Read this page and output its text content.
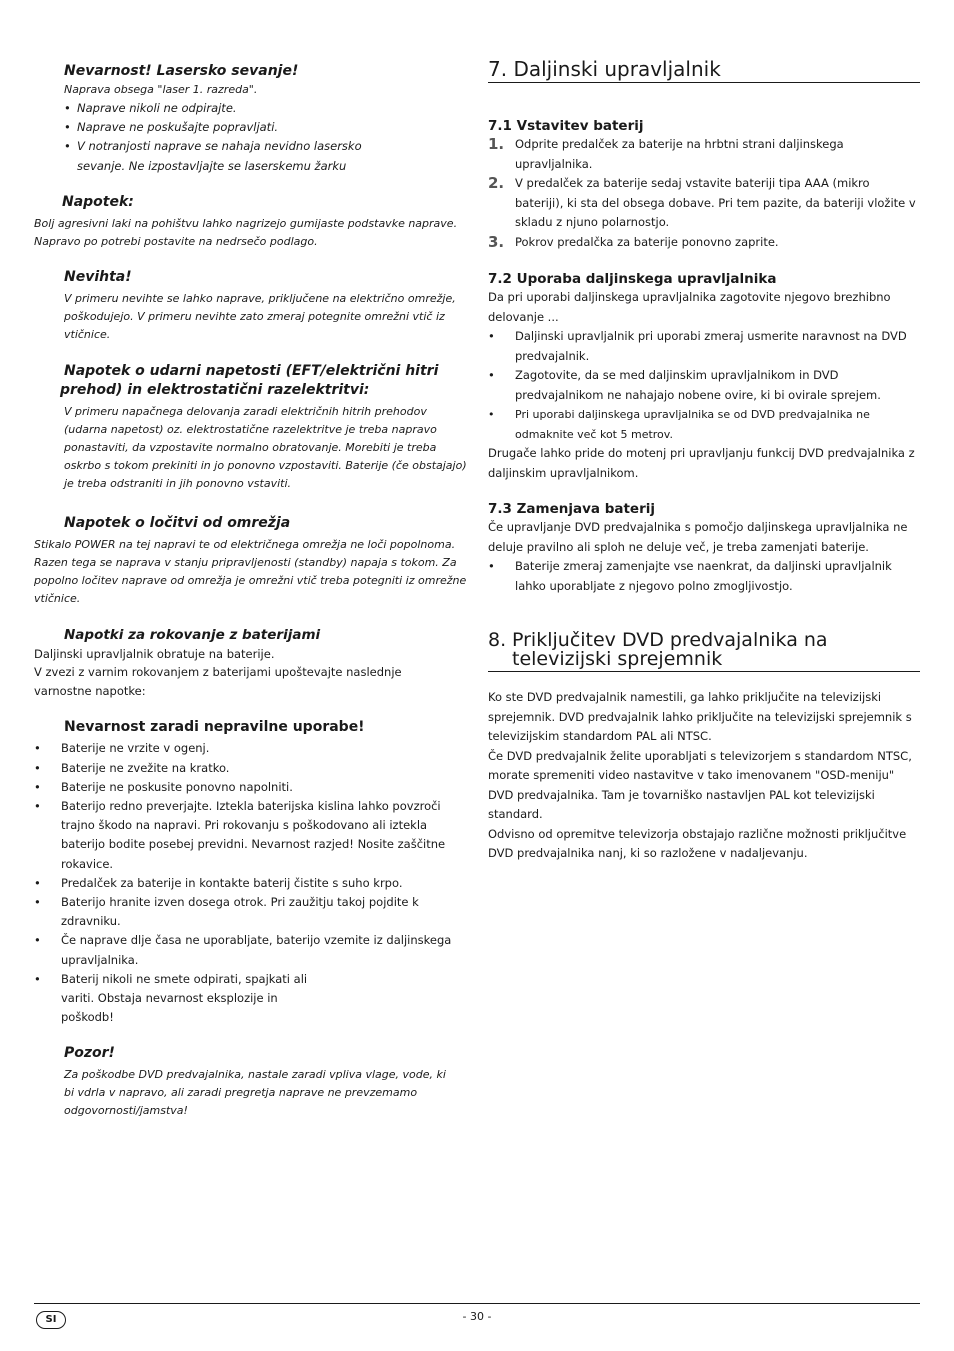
Nevarnost! Lasersko sevanje!

Naprava obsega "laser 1. razreda".

• Naprave nikoli ne odpirajte.
• Naprave ne poskušajte popravljati.
• V notranjosti naprave se nahaja nevidno lasersko sevanje. Ne izpostavljajte se laserskemu žarku

Napotek:

Bolj agresivni laki na pohištvu lahko nagrizejo gumijaste podstavke naprave. Napravo po potrebi postavite na nedrsečo podlago.

Nevihta!

V primeru nevihte se lahko naprave, priključene na električno omrežje, poškodujejo. V primeru nevihte zato zmeraj potegnite omrežni vtič iz vtičnice.

Napotek o udarni napetosti (EFT/električni hitri prehod) in elektrostatični razelektritvi:

V primeru napačnega delovanja zaradi električnih hitrih prehodov (udarna napetost) oz. elektrostatične razelektritve je treba napravo ponastaviti, da vzpostavite normalno obratovanje. Morebiti je treba oskrbo s tokom prekiniti in jo ponovno vzpostaviti. Baterije (če obstajajo) je treba odstraniti in jih ponovno vstaviti.

Napotek o ločitvi od omrežja

Stikalo POWER na tej napravi te od električnega omrežja ne loči popolnoma. Razen tega se naprava v stanju pripravljenosti (standby) napaja s tokom. Za popolno ločitev naprave od omrežja je omrežni vtič treba potegniti iz omrežne vtičnice.

Napotki za rokovanje z baterijami

Daljinski upravljalnik obratuje na baterije.

V zvezi z varnim rokovanjem z baterijami upoštevajte naslednje varnostne napotke:

Nevarnost zaradi nepravilne uporabe!

• Baterije ne vrzite v ogenj.
• Baterije ne zvežite na kratko.
• Baterije ne poskusite ponovno napolniti.
• Baterijo redno preverjajte. Iztekla baterijska kislina lahko povzroči trajno škodo na napravi. Pri rokovanju s poškodovano ali iztekla baterijo bodite posebej previdni. Nevarnost razjed! Nosite zaščitne rokavice.
• Predalček za baterije in kontakte baterij čistite s suho krpo.
• Baterijo hranite izven dosega otrok. Pri zaužitju takoj pojdite k zdravniku.
• Če naprave dlje časa ne uporabljate, baterijo vzemite iz daljinskega upravljalnika.
• Baterij nikoli ne smete odpirati, spajkati ali variti. Obstaja nevarnost eksplozije in poškodb!

Pozor!

Za poškodbe DVD predvajalnika, nastale zaradi vpliva vlage, vode, ki bi vdrla v napravo, ali zaradi pregretja naprave ne prevzemamo odgovornosti/jamstva!

7. Daljinski upravljalnik

7.1 Vstavitev baterij

1. Odprite predalček za baterije na hrbtni strani daljinskega upravljalnika.
2. V predalček za baterije sedaj vstavite bateriji tipa AAA (mikro bateriji), ki sta del obsega dobave. Pri tem pazite, da bateriji vložite v skladu z njuno polarnostjo.
3. Pokrov predalčka za baterije ponovno zaprite.

7.2 Uporaba daljinskega upravljalnika

Da pri uporabi daljinskega upravljalnika zagotovite njegovo brezhibno delovanje ...

• Daljinski upravljalnik pri uporabi zmeraj usmerite naravnost na DVD predvajalnik.
• Zagotovite, da se med daljinskim upravljalnikom in DVD predvajalnikom ne nahajajo nobene ovire, ki bi ovirale sprejem.
• Pri uporabi daljinskega upravljalnika se od DVD predvajalnika ne odmaknite več kot 5 metrov.

Drugače lahko pride do motenj pri upravljanju funkcij DVD predvajalnika z daljinskim upravljalnikom.

7.3 Zamenjava baterij

Če upravljanje DVD predvajalnika s pomočjo daljinskega upravljalnika ne deluje pravilno ali sploh ne deluje več, je treba zamenjati baterije.

• Baterije zmeraj zamenjajte vse naenkrat, da daljinski upravljalnik lahko uporabljate z njegovo polno zmogljivostjo.
8. Priključitev DVD predvajalnika na televizijski sprejemnik

Ko ste DVD predvajalnik namestili, ga lahko priključite na televizijski sprejemnik. DVD predvajalnik lahko priključite na televizijski sprejemnik s televizijskim standardom PAL ali NTSC.

Če DVD predvajalnik želite uporabljati s televizorjem s standardom NTSC, morate spremeniti video nastavitve v tako imenovanem "OSD-meniju" DVD predvajalnika. Tam je tovarniško nastavljen PAL kot televizijski standard.

Odvisno od opremitve televizorja obstajajo različne možnosti priključitve DVD predvajalnika nanj, ki so razložene v nadaljevanju.

SI	- 30 -
